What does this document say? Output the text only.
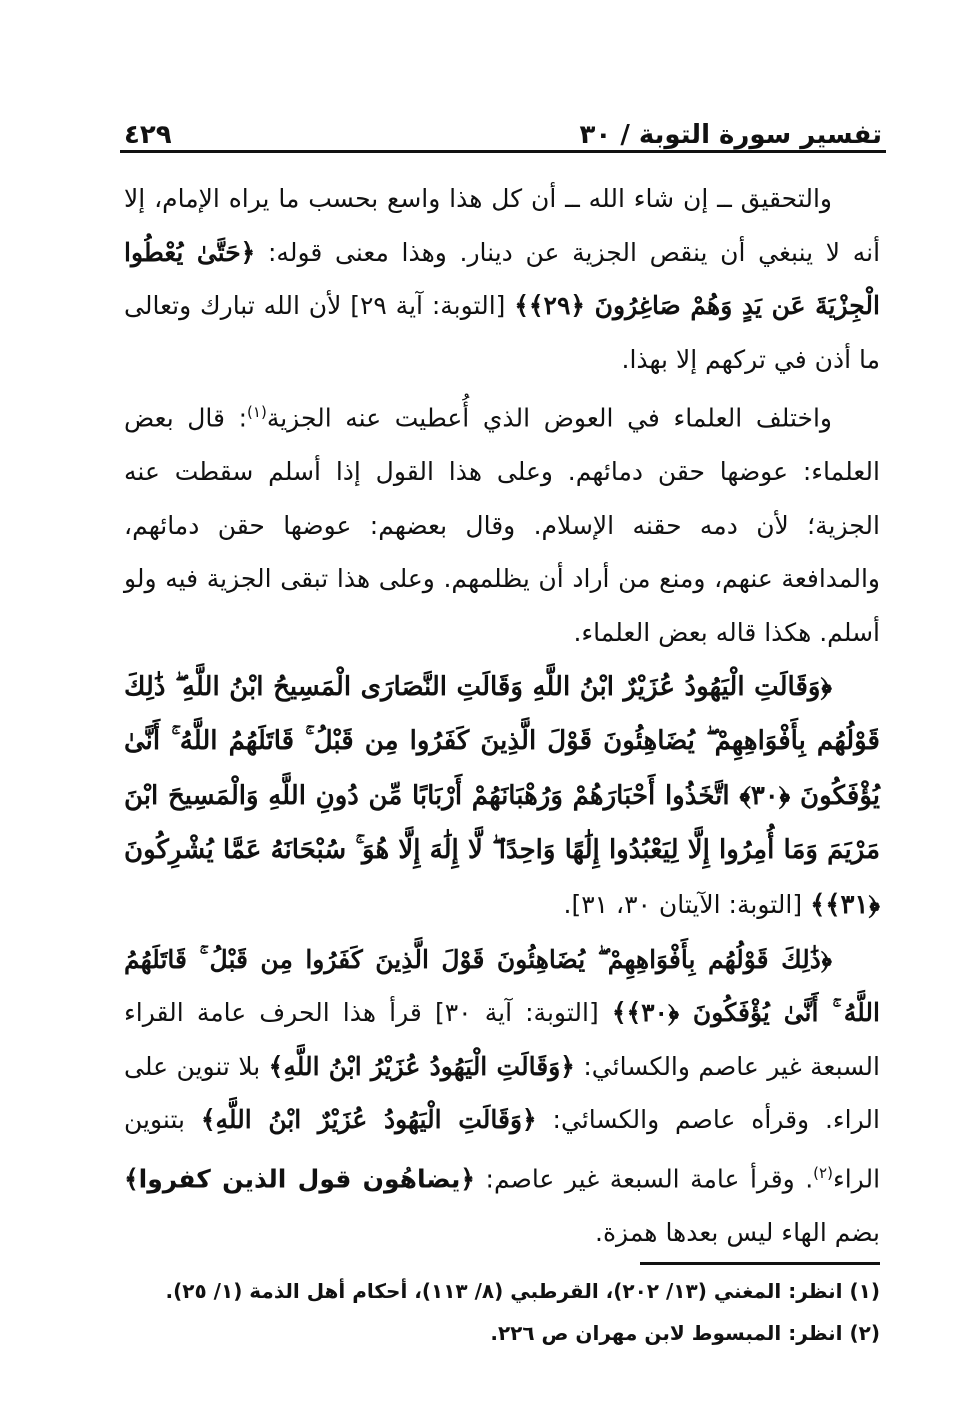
تفسير سورة التوبة / ٣٠
٤٢٩

والتحقيق ــ إن شاء الله ــ أن كل هذا واسع بحسب ما يراه الإمام، إلا أنه لا ينبغي أن ينقص الجزية عن دينار. وهذا معنى قوله: ﴿حَتَّىٰ يُعْطُوا الْجِزْيَةَ عَن يَدٍ وَهُمْ صَاغِرُونَ ﴿٢٩﴾﴾ [التوبة: آية ٢٩] لأن الله تبارك وتعالى ما أذن في تركهم إلا بهذا.

واختلف العلماء في العوض الذي أُعطيت عنه الجزية$^{(١)}$: قال بعض العلماء: عوضها حقن دمائهم. وعلى هذا القول إذا أسلم سقطت عنه الجزية؛ لأن دمه حقنه الإسلام. وقال بعضهم: عوضها حقن دمائهم، والمدافعة عنهم، ومنع من أراد أن يظلمهم. وعلى هذا تبقى الجزية فيه ولو أسلم. هكذا قاله بعض العلماء.

﴿وَقَالَتِ الْيَهُودُ عُزَيْرٌ ابْنُ اللَّهِ وَقَالَتِ النَّصَارَى الْمَسِيحُ ابْنُ اللَّهِ ۖ ذَٰلِكَ قَوْلُهُم بِأَفْوَاهِهِمْ ۖ يُضَاهِئُونَ قَوْلَ الَّذِينَ كَفَرُوا مِن قَبْلُ ۚ قَاتَلَهُمُ اللَّهُ ۚ أَنَّىٰ يُؤْفَكُونَ ﴿٣٠﴾ اتَّخَذُوا أَحْبَارَهُمْ وَرُهْبَانَهُمْ أَرْبَابًا مِّن دُونِ اللَّهِ وَالْمَسِيحَ ابْنَ مَرْيَمَ وَمَا أُمِرُوا إِلَّا لِيَعْبُدُوا إِلَٰهًا وَاحِدًا ۖ لَّا إِلَٰهَ إِلَّا هُوَ ۚ سُبْحَانَهُ عَمَّا يُشْرِكُونَ ﴿٣١﴾﴾ [التوبة: الآيتان ٣٠، ٣١].

﴿ذَٰلِكَ قَوْلُهُم بِأَفْوَاهِهِمْ ۖ يُضَاهِئُونَ قَوْلَ الَّذِينَ كَفَرُوا مِن قَبْلُ ۚ قَاتَلَهُمُ اللَّهُ ۚ أَنَّىٰ يُؤْفَكُونَ ﴿٣٠﴾﴾ [التوبة: آية ٣٠] قرأ هذا الحرف عامة القراء السبعة غير عاصم والكسائي: ﴿وَقَالَتِ الْيَهُودُ عُزَيْرُ ابْنُ اللَّهِ﴾ بلا تنوين على الراء. وقرأه عاصم والكسائي: ﴿وَقَالَتِ الْيَهُودُ عُزَيْرٌ ابْنُ اللَّهِ﴾ بتنوين الراء$^{(٢)}$. وقرأ عامة السبعة غير عاصم: ﴿يضاهُون قول الذين كفروا﴾ بضم الهاء ليس بعدها همزة.

(١) انظر: المغني (١٣/ ٢٠٢)، القرطبي (٨/ ١١٣)، أحكام أهل الذمة (١/ ٢٥).
(٢) انظر: المبسوط لابن مهران ص ٢٢٦.
